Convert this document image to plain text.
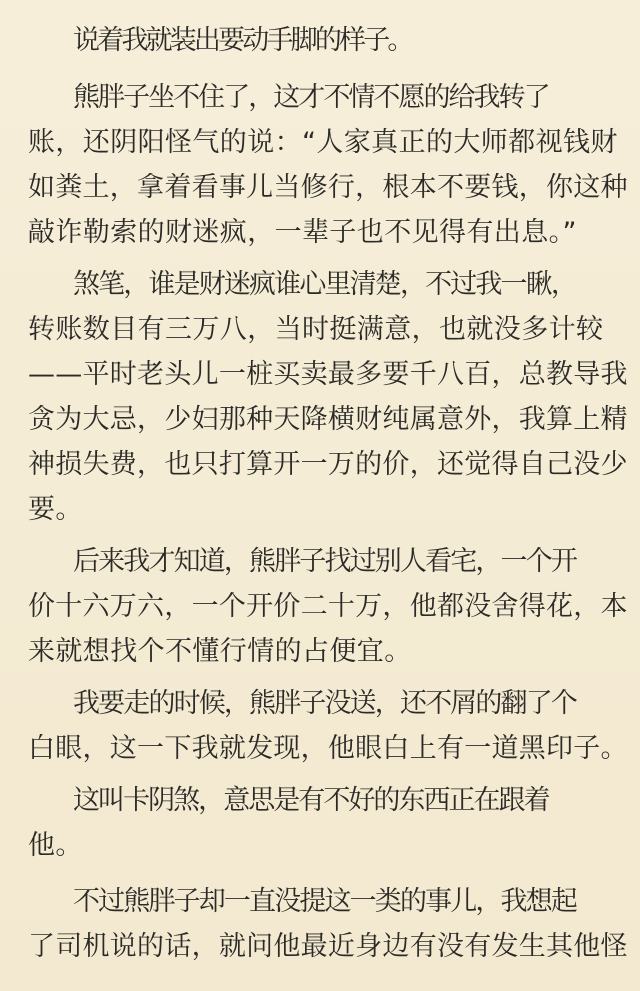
说着我就装出要动手脚的样子。
熊胖子坐不住了，这才不情不愿的给我转了
账，还阴阳怪气的说：“人家真正的大师都视钱财
如粪土，拿着看事儿当修行，根本不要钱，你这种
敲诈勒索的财迷疯，一辈子也不见得有出息。”
煞笔，谁是财迷疯谁心里清楚，不过我一瞅，
转账数目有三万八，当时挺满意，也就没多计较
——平时老头儿一桩买卖最多要千八百，总教导我
贪为大忌，少妇那种天降横财纯属意外，我算上精
神损失费，也只打算开一万的价，还觉得自己没少
要。
后来我才知道，熊胖子找过别人看宅，一个开
价十六万六，一个开价二十万，他都没舍得花，本
来就想找个不懂行情的占便宜。
我要走的时候，熊胖子没送，还不屑的翻了个
白眼，这一下我就发现，他眼白上有一道黑印子。
这叫卡阴煞，意思是有不好的东西正在跟着
他。
不过熊胖子却一直没提这一类的事儿，我想起
了司机说的话，就问他最近身边有没有发生其他怪
